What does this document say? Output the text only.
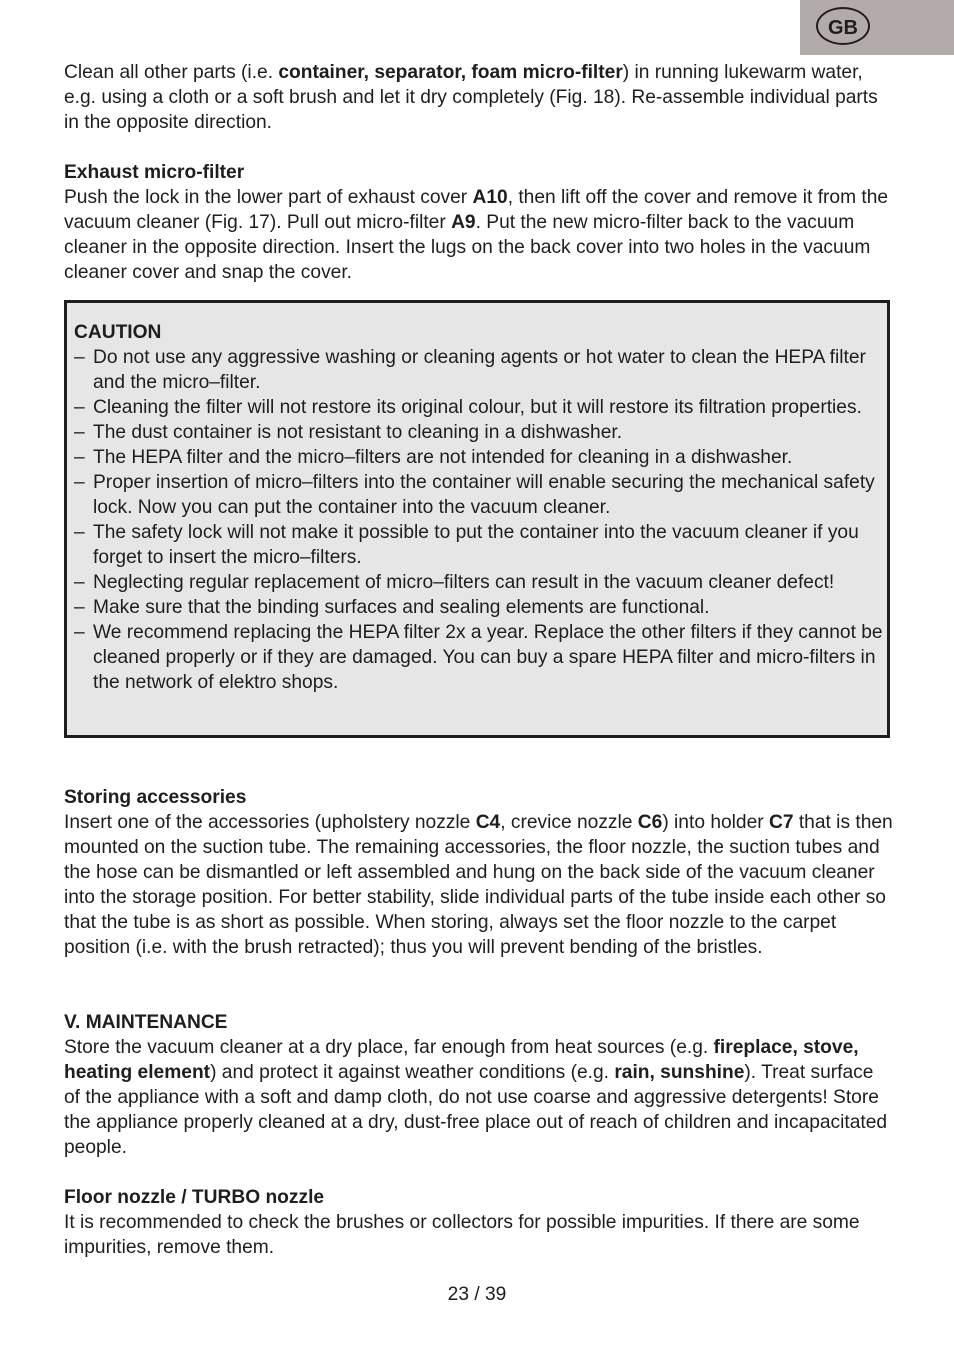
GB

Clean all other parts (i.e. container, separator, foam micro-filter) in running lukewarm water, e.g. using a cloth or a soft brush and let it dry completely (Fig. 18). Re-assemble individual parts in the opposite direction.

Exhaust micro-filter

Push the lock in the lower part of exhaust cover A10, then lift off the cover and remove it from the vacuum cleaner (Fig. 17). Pull out micro-filter A9. Put the new micro-filter back to the vacuum cleaner in the opposite direction. Insert the lugs on the back cover into two holes in the vacuum cleaner cover and snap the cover.

CAUTION

– Do not use any aggressive washing or cleaning agents or hot water to clean the HEPA filter and the micro–filter.
– Cleaning the filter will not restore its original colour, but it will restore its filtration properties.
– The dust container is not resistant to cleaning in a dishwasher.
– The HEPA filter and the micro–filters are not intended for cleaning in a dishwasher.
– Proper insertion of micro–filters into the container will enable securing the mechanical safety lock. Now you can put the container into the vacuum cleaner.
– The safety lock will not make it possible to put the container into the vacuum cleaner if you forget to insert the micro–filters.
– Neglecting regular replacement of micro–filters can result in the vacuum cleaner defect!
– Make sure that the binding surfaces and sealing elements are functional.
– We recommend replacing the HEPA filter 2x a year. Replace the other filters if they cannot be cleaned properly or if they are damaged. You can buy a spare HEPA filter and micro-filters in the network of elektro shops.

Storing accessories

Insert one of the accessories (upholstery nozzle C4, crevice nozzle C6) into holder C7 that is then mounted on the suction tube. The remaining accessories, the floor nozzle, the suction tubes and the hose can be dismantled or left assembled and hung on the back side of the vacuum cleaner into the storage position. For better stability, slide individual parts of the tube inside each other so that the tube is as short as possible. When storing, always set the floor nozzle to the carpet position (i.e. with the brush retracted); thus you will prevent bending of the bristles.

V. MAINTENANCE

Store the vacuum cleaner at a dry place, far enough from heat sources (e.g. fireplace, stove, heating element) and protect it against weather conditions (e.g. rain, sunshine). Treat surface of the appliance with a soft and damp cloth, do not use coarse and aggressive detergents! Store the appliance properly cleaned at a dry, dust-free place out of reach of children and incapacitated people.

Floor nozzle / TURBO nozzle

It is recommended to check the brushes or collectors for possible impurities. If there are some impurities, remove them.

23 / 39
